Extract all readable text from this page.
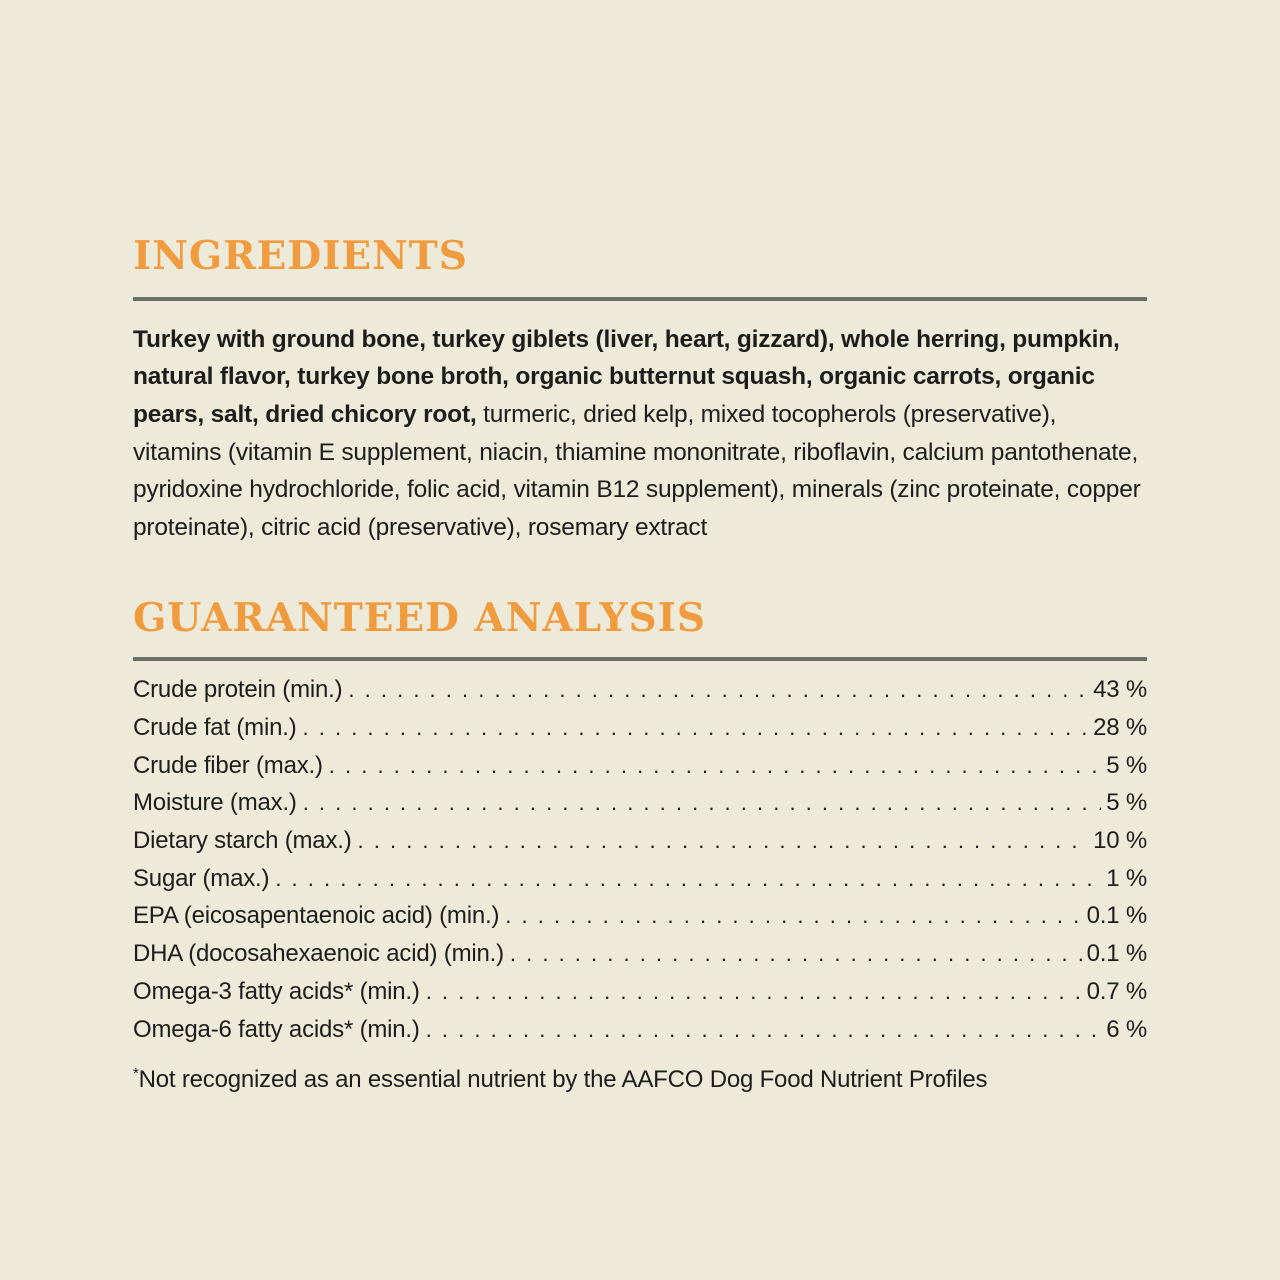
INGREDIENTS

Turkey with ground bone, turkey giblets (liver, heart, gizzard), whole herring, pumpkin, natural flavor, turkey bone broth, organic butternut squash, organic carrots, organic pears, salt, dried chicory root, turmeric, dried kelp, mixed tocopherols (preservative), vitamins (vitamin E supplement, niacin, thiamine mononitrate, riboflavin, calcium pantothenate, pyridoxine hydrochloride, folic acid, vitamin B12 supplement), minerals (zinc proteinate, copper proteinate), citric acid (preservative), rosemary extract

GUARANTEED ANALYSIS
Crude protein (min.) . . .	43 %
Crude fat (min.) . . .	28 %
Crude fiber (max.) . . .	5 %
Moisture (max.) . . .	5 %
Dietary starch (max.) . . .	10 %
Sugar (max.) . . .	1 %
EPA (eicosapentaenoic acid) (min.) . . .	0.1 %
DHA (docosahexaenoic acid) (min.) . . .	0.1 %
Omega-3 fatty acids* (min.) . . .	0.7 %
Omega-6 fatty acids* (min.) . . .	6 %

*Not recognized as an essential nutrient by the AAFCO Dog Food Nutrient Profiles
